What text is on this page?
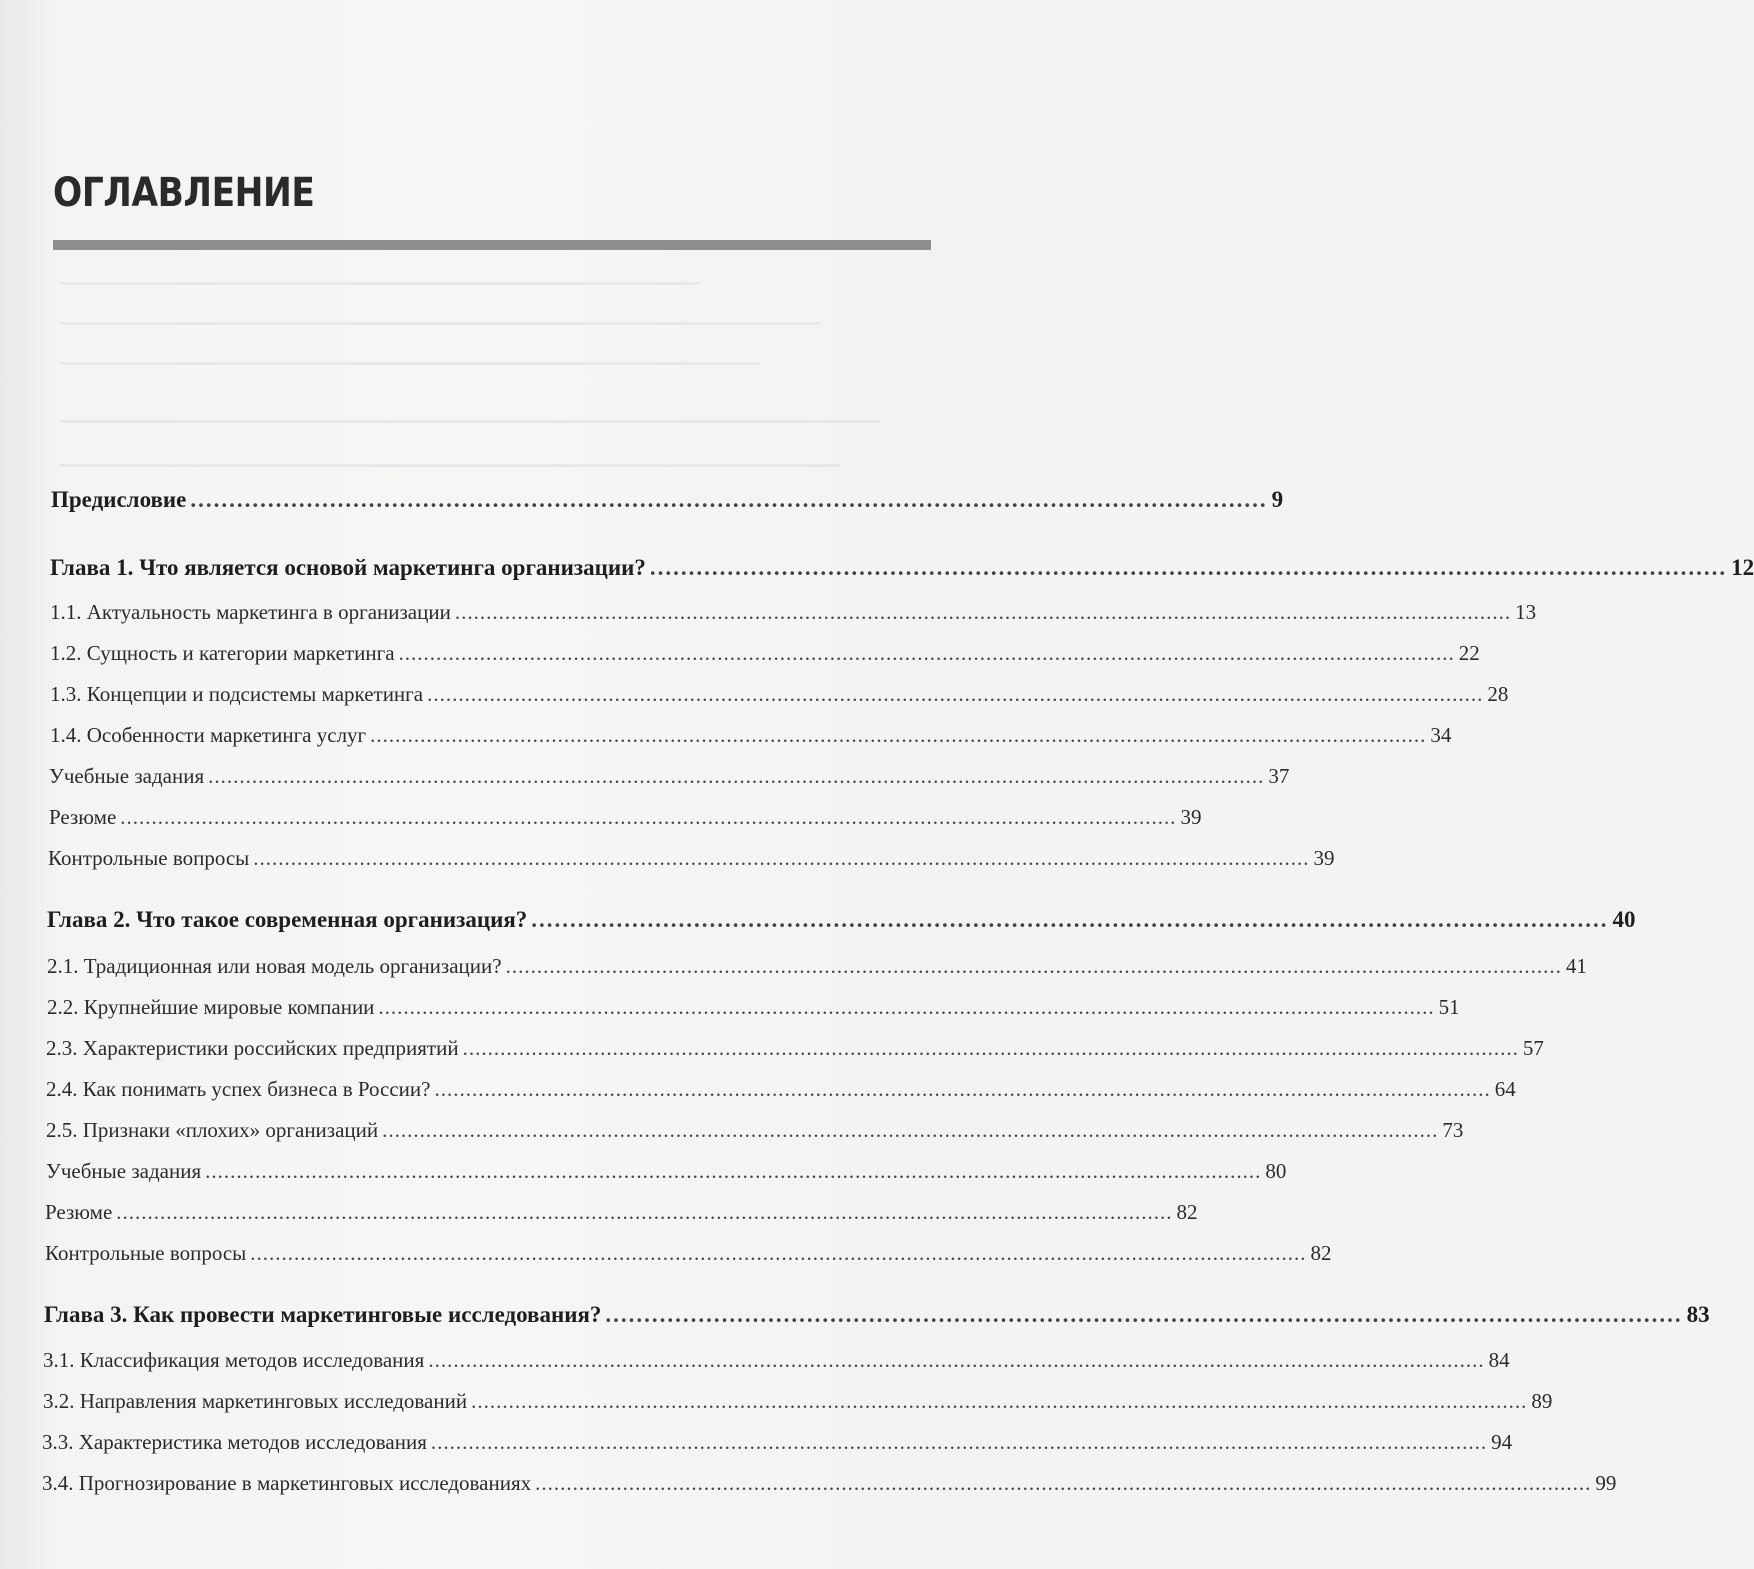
ОГЛАВЛЕНИЕ
Предисловие ........................................................................................................................................... 9
Глава 1. Что является основой маркетинга организации? ........................................................................................................................................... 12
1.1. Актуальность маркетинга в организации ......................................................................................................................................................................... 13
1.2. Сущность и категории маркетинга ......................................................................................................................................................................... 22
1.3. Концепции и подсистемы маркетинга ......................................................................................................................................................................... 28
1.4. Особенности маркетинга услуг ......................................................................................................................................................................... 34
Учебные задания ......................................................................................................................................................................... 37
Резюме ......................................................................................................................................................................... 39
Контрольные вопросы ......................................................................................................................................................................... 39
Глава 2. Что такое современная организация? ........................................................................................................................................... 40
2.1. Традиционная или новая модель организации? ......................................................................................................................................................................... 41
2.2. Крупнейшие мировые компании ......................................................................................................................................................................... 51
2.3. Характеристики российских предприятий ......................................................................................................................................................................... 57
2.4. Как понимать успех бизнеса в России? ......................................................................................................................................................................... 64
2.5. Признаки «плохих» организаций ......................................................................................................................................................................... 73
Учебные задания ......................................................................................................................................................................... 80
Резюме ......................................................................................................................................................................... 82
Контрольные вопросы ......................................................................................................................................................................... 82
Глава 3. Как провести маркетинговые исследования? ........................................................................................................................................... 83
3.1. Классификация методов исследования ......................................................................................................................................................................... 84
3.2. Направления маркетинговых исследований ......................................................................................................................................................................... 89
3.3. Характеристика методов исследования ......................................................................................................................................................................... 94
3.4. Прогнозирование в маркетинговых исследованиях ......................................................................................................................................................................... 99
